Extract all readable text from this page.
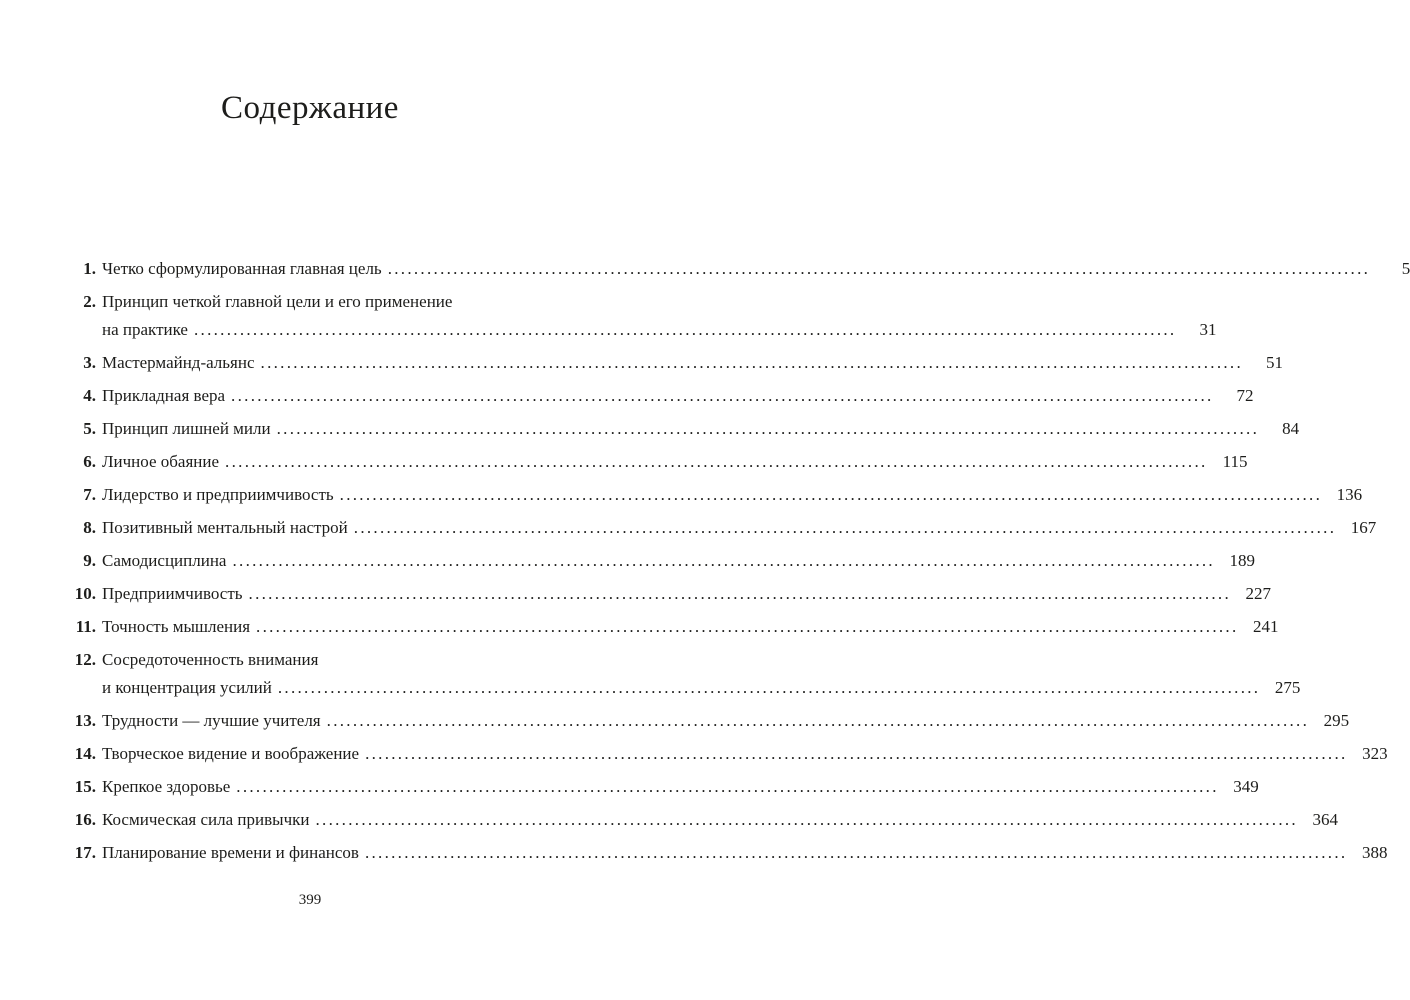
Содержание
1. Четко сформулированная главная цель .....	5
2. Принцип четкой главной цели и его применение
на практике .....	31
3. Мастермайнд-альянс .....	51
4. Прикладная вера .....	72
5. Принцип лишней мили .....	84
6. Личное обаяние .....	115
7. Лидерство и предприимчивость .....	136
8. Позитивный ментальный настрой .....	167
9. Самодисциплина .....	189
10. Предприимчивость .....	227
11. Точность мышления .....	241
12. Сосредоточенность внимания
и концентрация усилий .....	275
13. Трудности — лучшие учителя .....	295
14. Творческое видение и воображение .....	323
15. Крепкое здоровье .....	349
16. Космическая сила привычки .....	364
17. Планирование времени и финансов .....	388
399
